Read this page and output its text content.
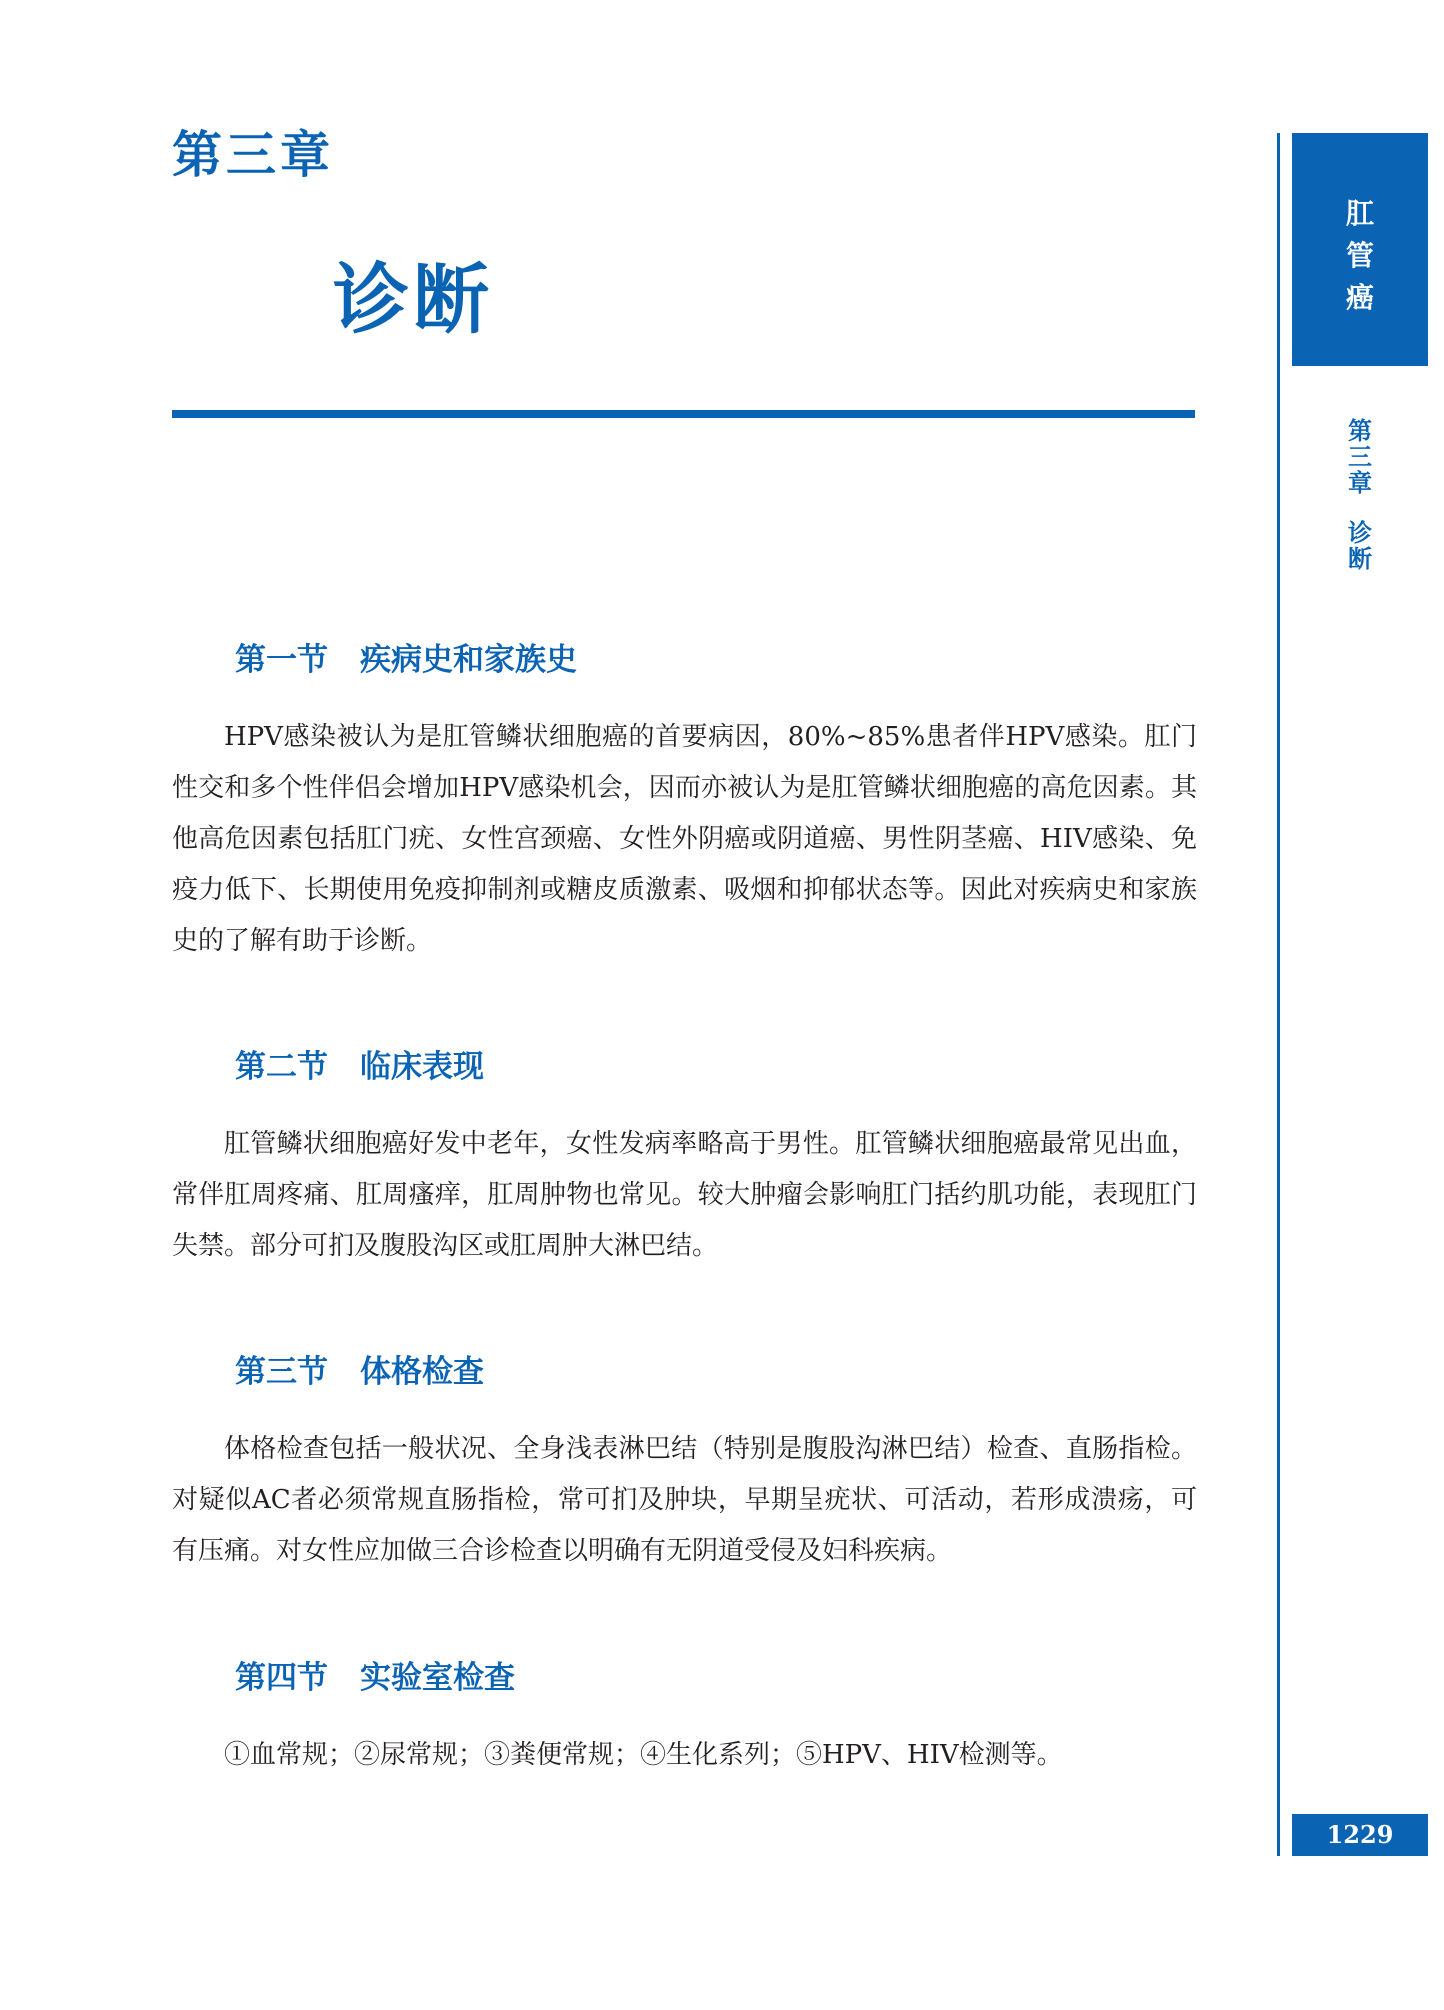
第三章
诊断
肛
管
癌
第
三
章
诊
断
1229
第一节 疾病史和家族史

HPV感染被认为是肛管鳞状细胞癌的首要病因，80%~85%患者伴HPV感染。肛门性交和多个性伴侣会增加HPV感染机会，因而亦被认为是肛管鳞状细胞癌的高危因素。其他高危因素包括肛门疣、女性宫颈癌、女性外阴癌或阴道癌、男性阴茎癌、HIV感染、免疫力低下、长期使用免疫抑制剂或糖皮质激素、吸烟和抑郁状态等。因此对疾病史和家族史的了解有助于诊断。

第二节 临床表现

肛管鳞状细胞癌好发中老年，女性发病率略高于男性。肛管鳞状细胞癌最常见出血，常伴肛周疼痛、肛周瘙痒，肛周肿物也常见。较大肿瘤会影响肛门括约肌功能，表现肛门失禁。部分可扪及腹股沟区或肛周肿大淋巴结。

第三节 体格检查

体格检查包括一般状况、全身浅表淋巴结（特别是腹股沟淋巴结）检查、直肠指检。对疑似AC者必须常规直肠指检，常可扪及肿块，早期呈疣状、可活动，若形成溃疡，可有压痛。对女性应加做三合诊检查以明确有无阴道受侵及妇科疾病。

第四节 实验室检查

①血常规；②尿常规；③粪便常规；④生化系列；⑤HPV、HIV检测等。
